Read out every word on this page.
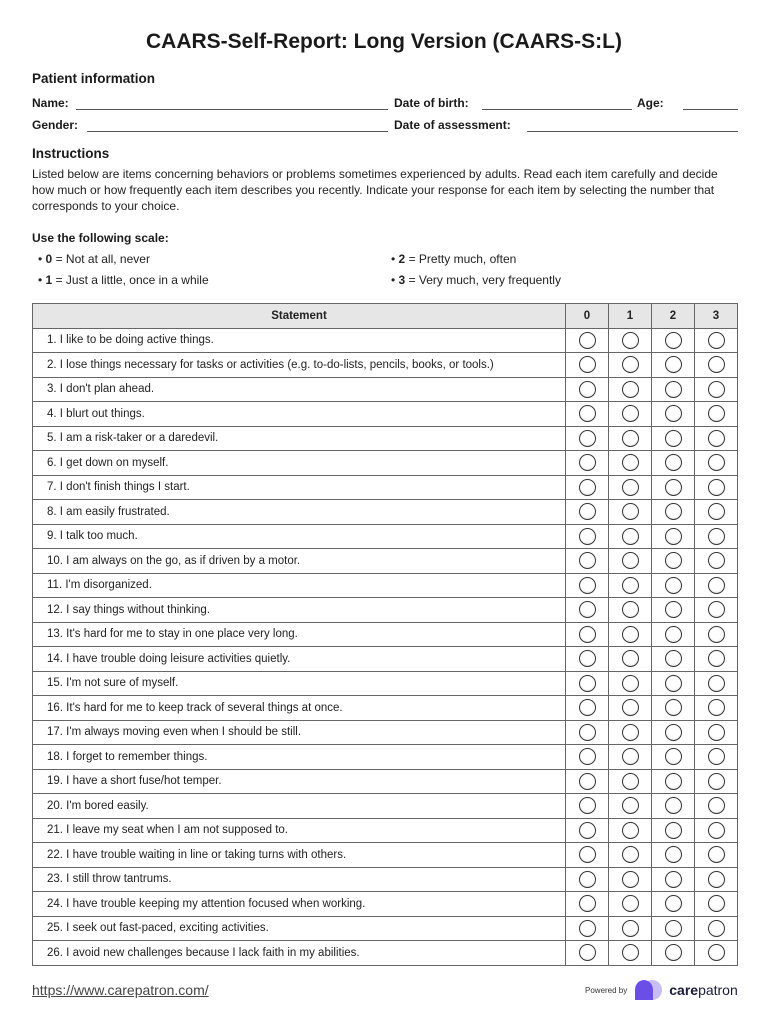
CAARS-Self-Report: Long Version (CAARS-S:L)
Patient information
Name:	Date of birth:	Age:
Gender:	Date of assessment:
Instructions
Listed below are items concerning behaviors or problems sometimes experienced by adults. Read each item carefully and decide how much or how frequently each item describes you recently. Indicate your response for each item by selecting the number that corresponds to your choice.
Use the following scale:
• 0 = Not at all, never
• 1 = Just a little, once in a while
• 2 = Pretty much, often
• 3 = Very much, very frequently
Statement	0	1	2	3
1. I like to be doing active things.				
2. I lose things necessary for tasks or activities (e.g. to-do-lists, pencils, books, or tools.)				
3. I don't plan ahead.				
4. I blurt out things.				
5. I am a risk-taker or a daredevil.				
6. I get down on myself.				
7. I don't finish things I start.				
8. I am easily frustrated.				
9. I talk too much.				
10. I am always on the go, as if driven by a motor.				
11. I'm disorganized.				
12. I say things without thinking.				
13. It's hard for me to stay in one place very long.				
14. I have trouble doing leisure activities quietly.				
15. I'm not sure of myself.				
16. It's hard for me to keep track of several things at once.				
17. I'm always moving even when I should be still.				
18. I forget to remember things.				
19. I have a short fuse/hot temper.				
20. I'm bored easily.				
21. I leave my seat when I am not supposed to.				
22. I have trouble waiting in line or taking turns with others.				
23. I still throw tantrums.				
24. I have trouble keeping my attention focused when working.				
25. I seek out fast-paced, exciting activities.				
26. I avoid new challenges because I lack faith in my abilities.				
https://www.carepatron.com/	Powered by	carepatron
